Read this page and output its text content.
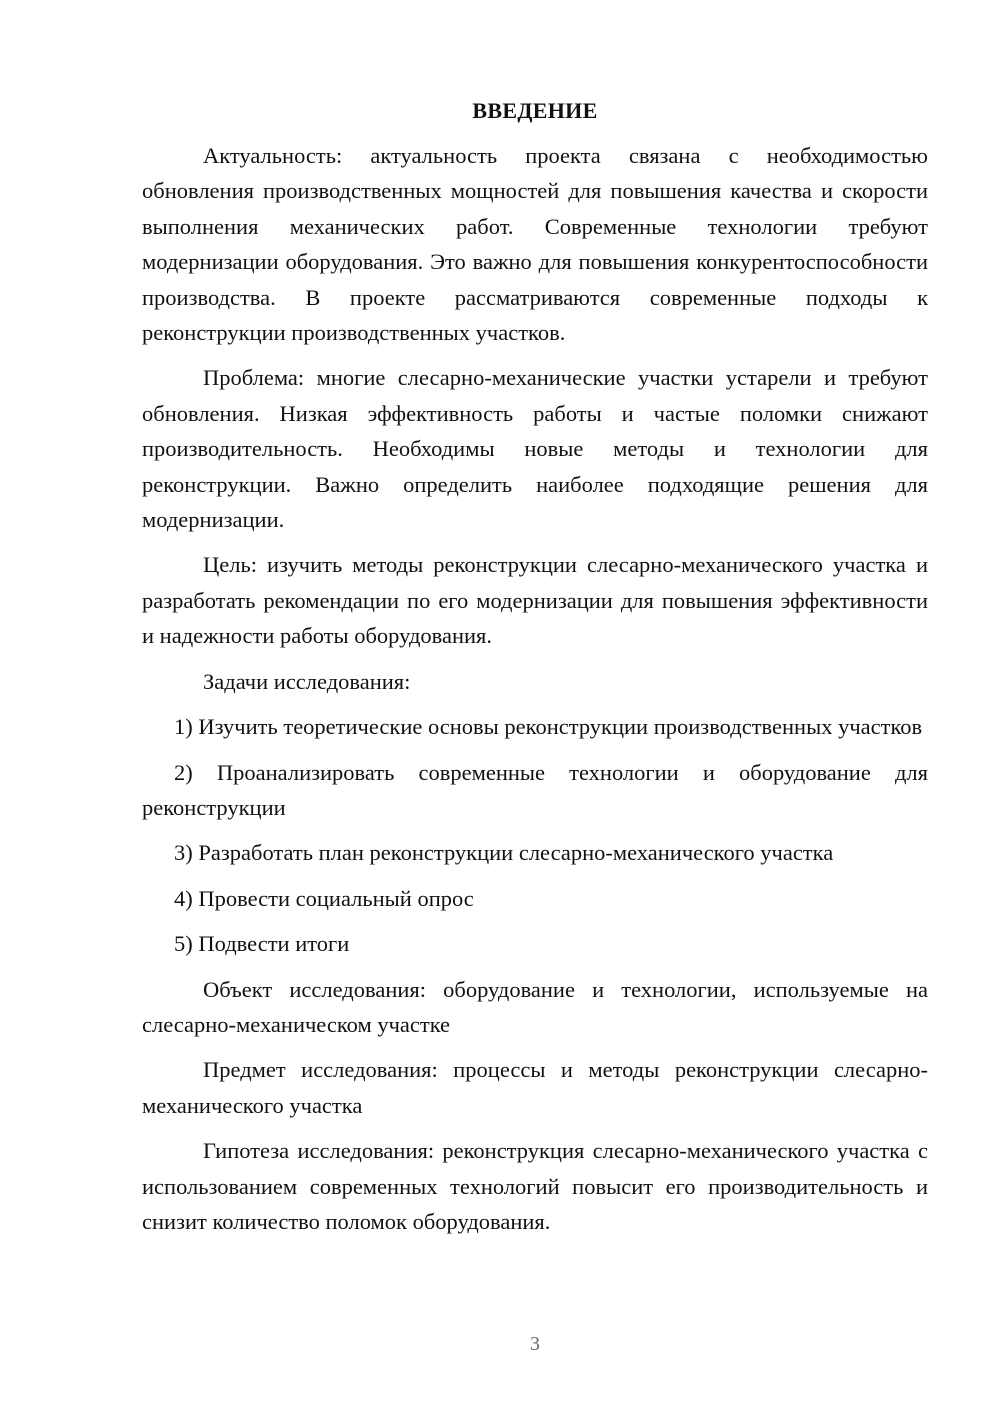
ВВЕДЕНИЕ

Актуальность: актуальность проекта связана с необходимостью обновления производственных мощностей для повышения качества и скорости выполнения механических работ. Современные технологии требуют модернизации оборудования. Это важно для повышения конкурентоспособности производства. В проекте рассматриваются современные подходы к реконструкции производственных участков.

Проблема: многие слесарно-механические участки устарели и требуют обновления. Низкая эффективность работы и частые поломки снижают производительность. Необходимы новые методы и технологии для реконструкции. Важно определить наиболее подходящие решения для модернизации.

Цель: изучить методы реконструкции слесарно-механического участка и разработать рекомендации по его модернизации для повышения эффективности и надежности работы оборудования.

Задачи исследования:

1) Изучить теоретические основы реконструкции производственных участков

2) Проанализировать современные технологии и оборудование для реконструкции

3) Разработать план реконструкции слесарно-механического участка

4) Провести социальный опрос

5) Подвести итоги

Объект исследования: оборудование и технологии, используемые на слесарно-механическом участке

Предмет исследования: процессы и методы реконструкции слесарно-механического участка

Гипотеза исследования: реконструкция слесарно-механического участка с использованием современных технологий повысит его производительность и снизит количество поломок оборудования.

3
